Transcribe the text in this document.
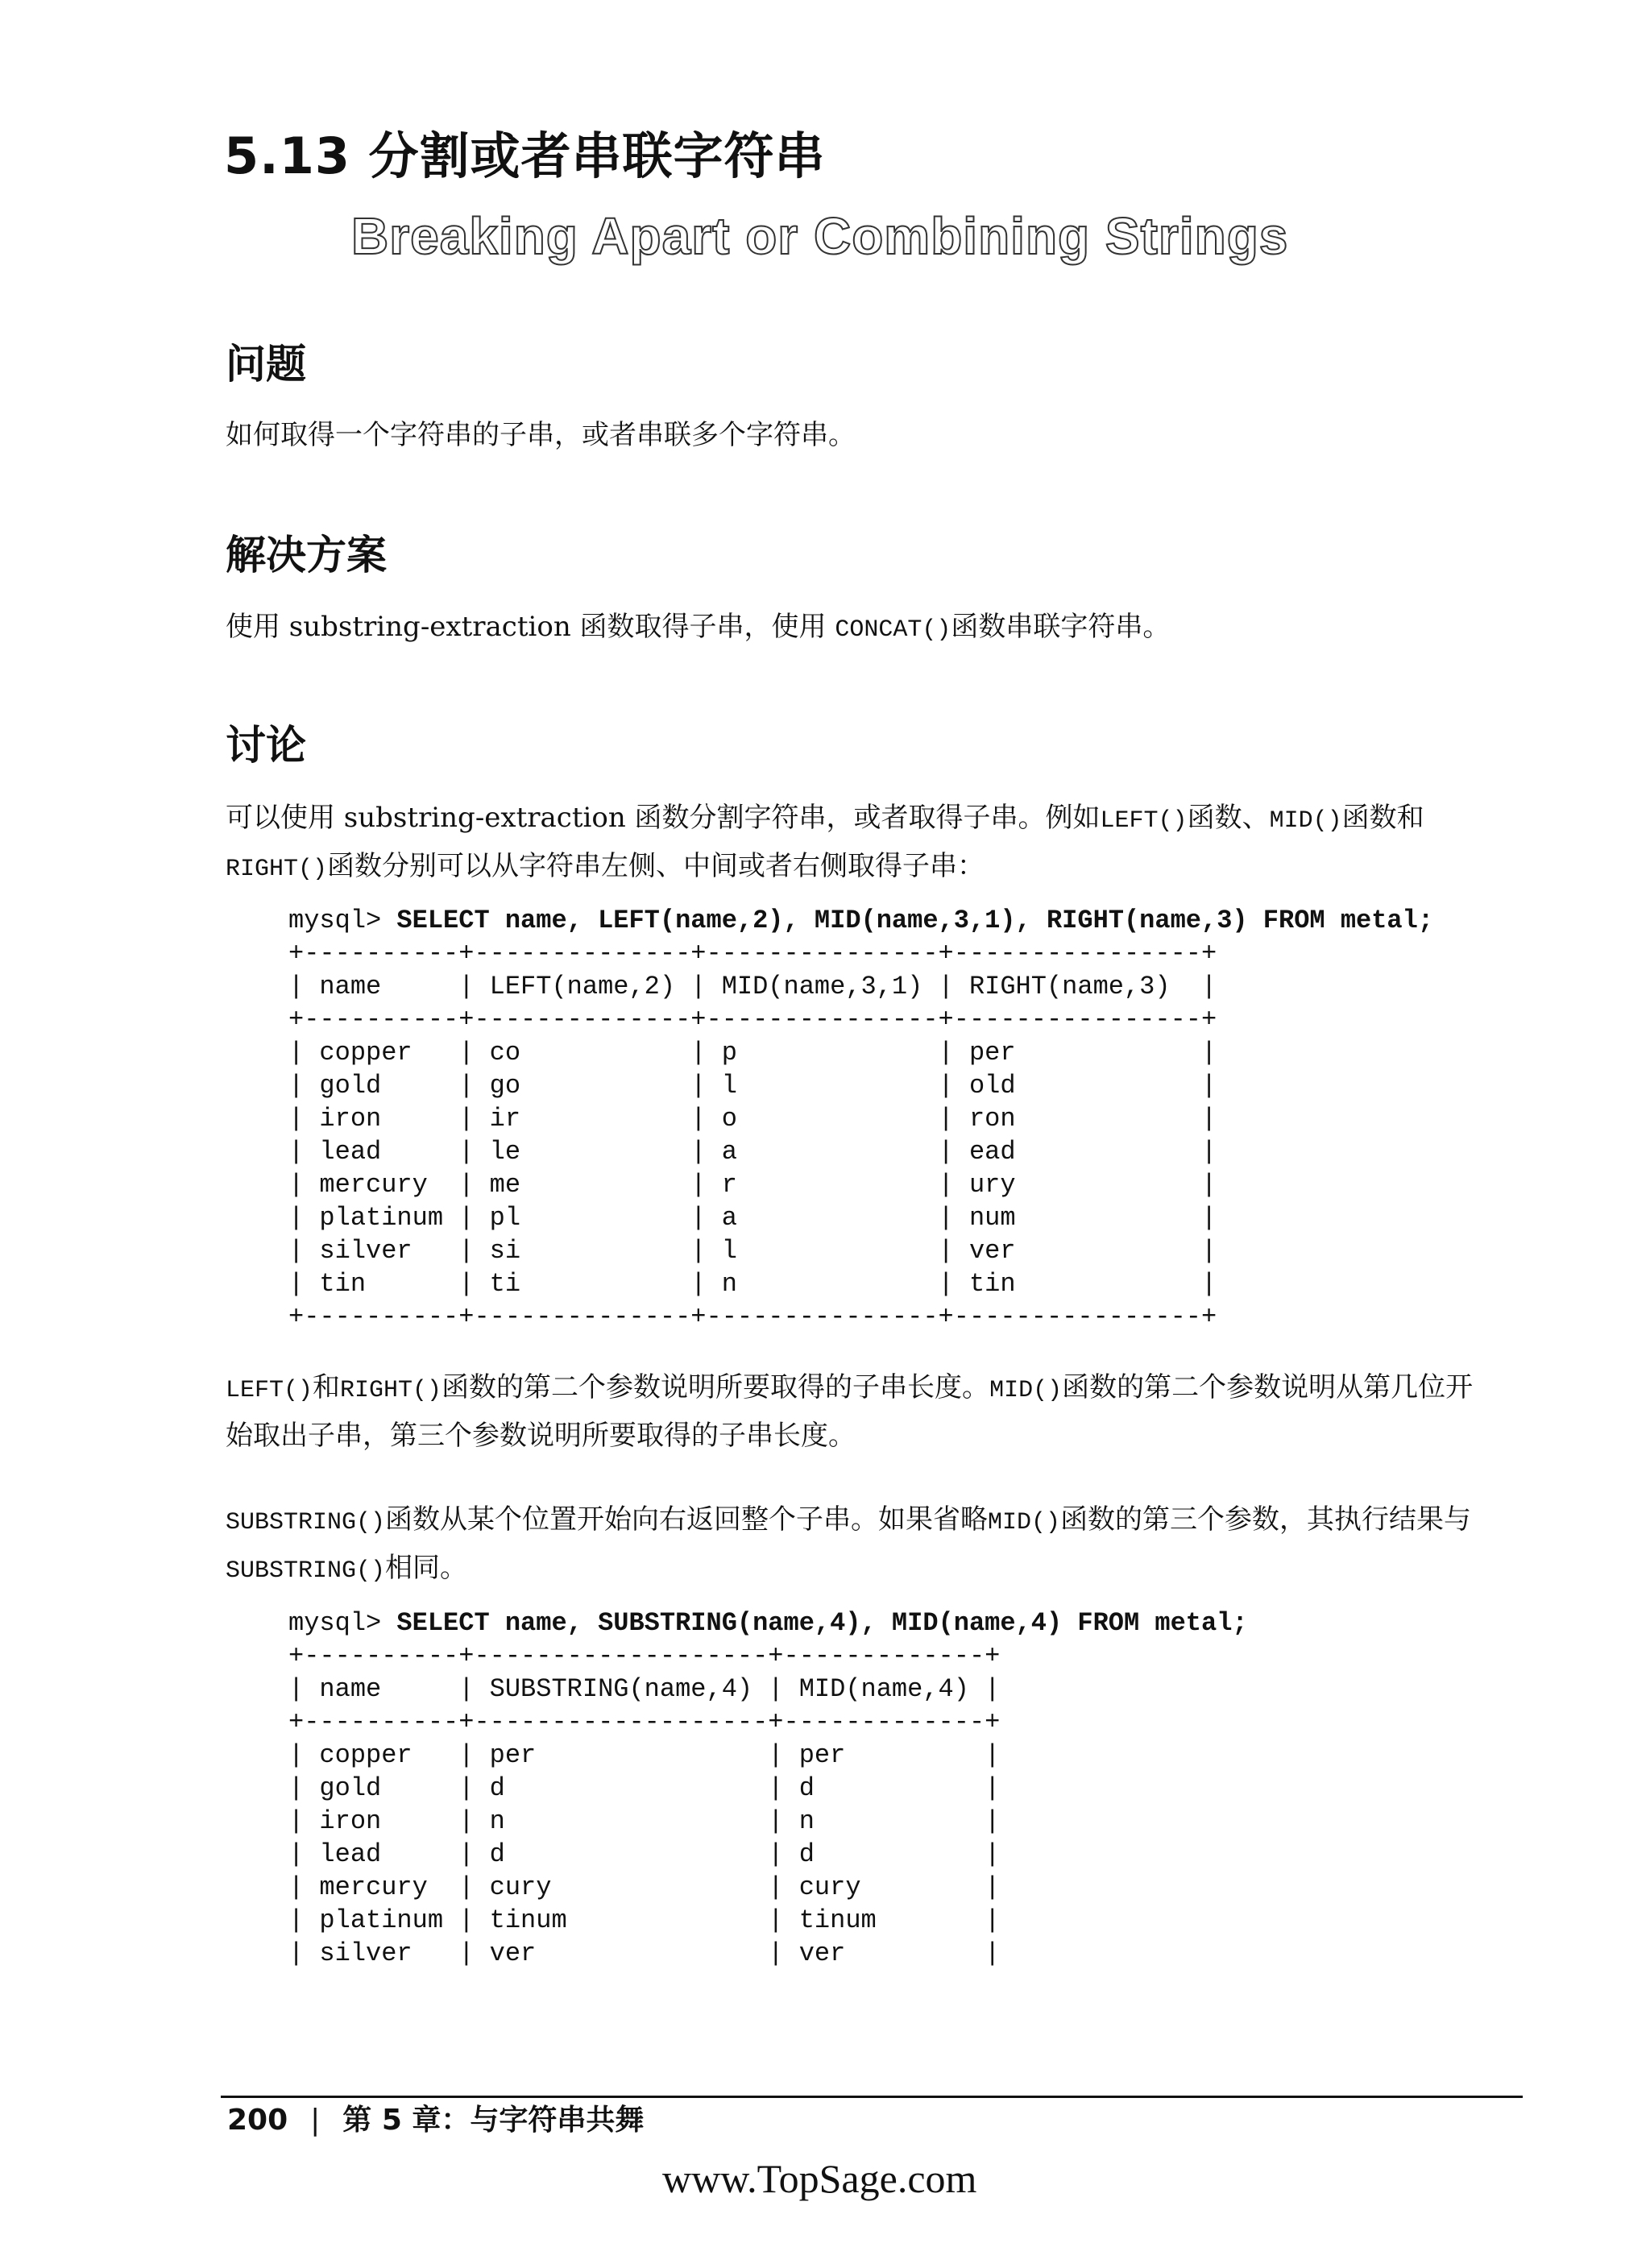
5.13 分割或者串联字符串
Breaking Apart or Combining Strings
问题

如何取得一个字符串的子串，或者串联多个字符串。

解决方案

使用 substring-extraction 函数取得子串，使用 CONCAT()函数串联字符串。

讨论

可以使用 substring-extraction 函数分割字符串，或者取得子串。例如LEFT()函数、MID()函数和RIGHT()函数分别可以从字符串左侧、中间或者右侧取得子串：

mysql> SELECT name, LEFT(name,2), MID(name,3,1), RIGHT(name,3) FROM metal;
+----------+--------------+---------------+----------------+
| name     | LEFT(name,2) | MID(name,3,1) | RIGHT(name,3)  |
+----------+--------------+---------------+----------------+
| copper   | co           | p             | per            |
| gold     | go           | l             | old            |
| iron     | ir           | o             | ron            |
| lead     | le           | a             | ead            |
| mercury  | me           | r             | ury            |
| platinum | pl           | a             | num            |
| silver   | si           | l             | ver            |
| tin      | ti           | n             | tin            |
+----------+--------------+---------------+----------------+

LEFT()和RIGHT()函数的第二个参数说明所要取得的子串长度。MID()函数的第二个参数说明从第几位开始取出子串，第三个参数说明所要取得的子串长度。

SUBSTRING()函数从某个位置开始向右返回整个子串。如果省略MID()函数的第三个参数，其执行结果与SUBSTRING()相同。

mysql> SELECT name, SUBSTRING(name,4), MID(name,4) FROM metal;
+----------+-------------------+-------------+
| name     | SUBSTRING(name,4) | MID(name,4) |
+----------+-------------------+-------------+
| copper   | per               | per         |
| gold     | d                 | d           |
| iron     | n                 | n           |
| lead     | d                 | d           |
| mercury  | cury              | cury        |
| platinum | tinum             | tinum       |
| silver   | ver               | ver         |

200 | 第 5 章：与字符串共舞

www.TopSage.com
